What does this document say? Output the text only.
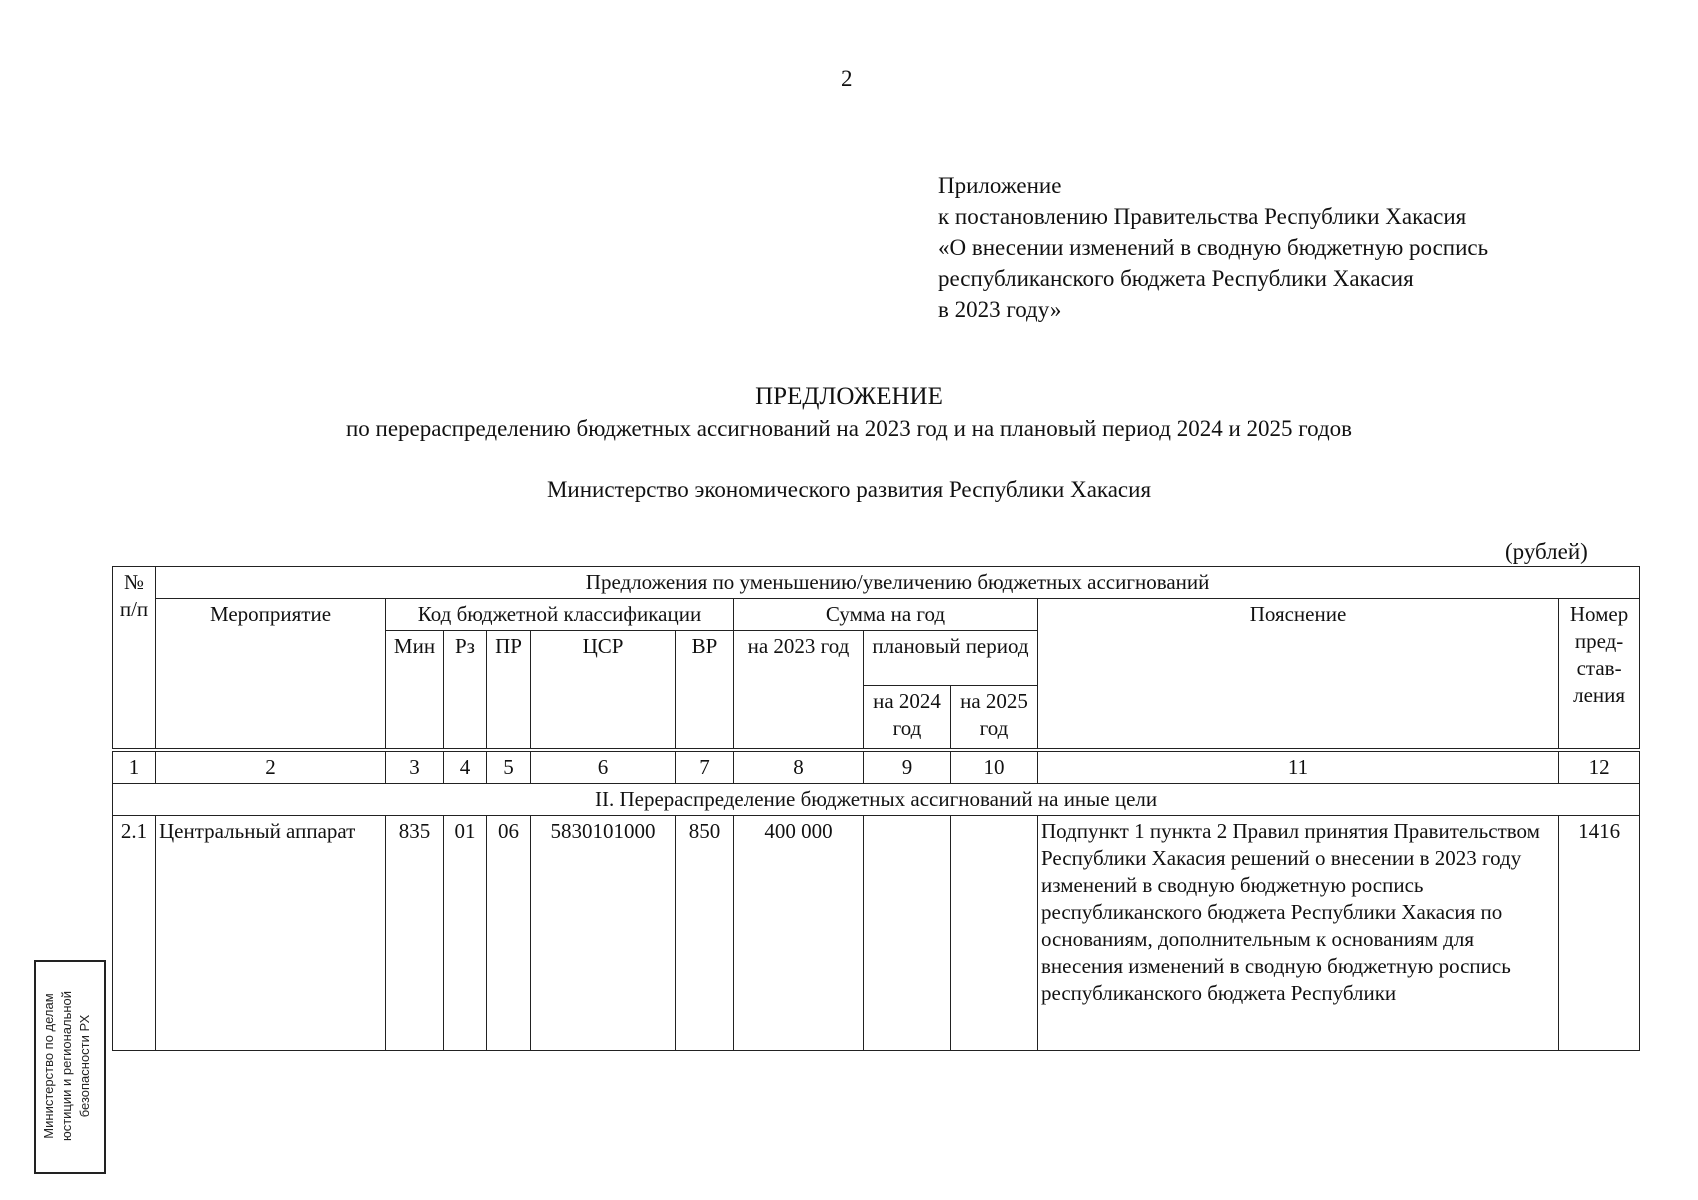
2
Приложение
к постановлению Правительства Республики Хакасия
«О внесении изменений в сводную бюджетную роспись
республиканского бюджета Республики Хакасия
в 2023 году»
ПРЕДЛОЖЕНИЕ
по перераспределению бюджетных ассигнований на 2023 год и на плановый период 2024 и 2025 годов
Министерство экономического развития Республики Хакасия
(рублей)
№ п/п	Предложения по уменьшению/увеличению бюджетных ассигнований										
	Мероприятие	Код бюджетной классификации					Сумма на год			Пояснение	Номер пред-став-ления
		Мин	Рз	ПР	ЦСР	ВР	на 2023 год	плановый период			
								на 2024 год	на 2025 год		

1	2	3	4	5	6	7	8	9	10	11	12
II. Перераспределение бюджетных ассигнований на иные цели											
2.1	Центральный аппарат	835	01	06	5830101000	850	400 000			Подпункт 1 пункта 2 Правил принятия Правительством Республики Хакасия решений о внесении в 2023 году изменений в сводную бюджетную роспись республиканского бюджета Республики Хакасия по основаниям, дополнительным к основаниям для внесения изменений в сводную бюджетную роспись республиканского бюджета Республики	1416
Министерство по делам юстиции и региональной безопасности РХ
